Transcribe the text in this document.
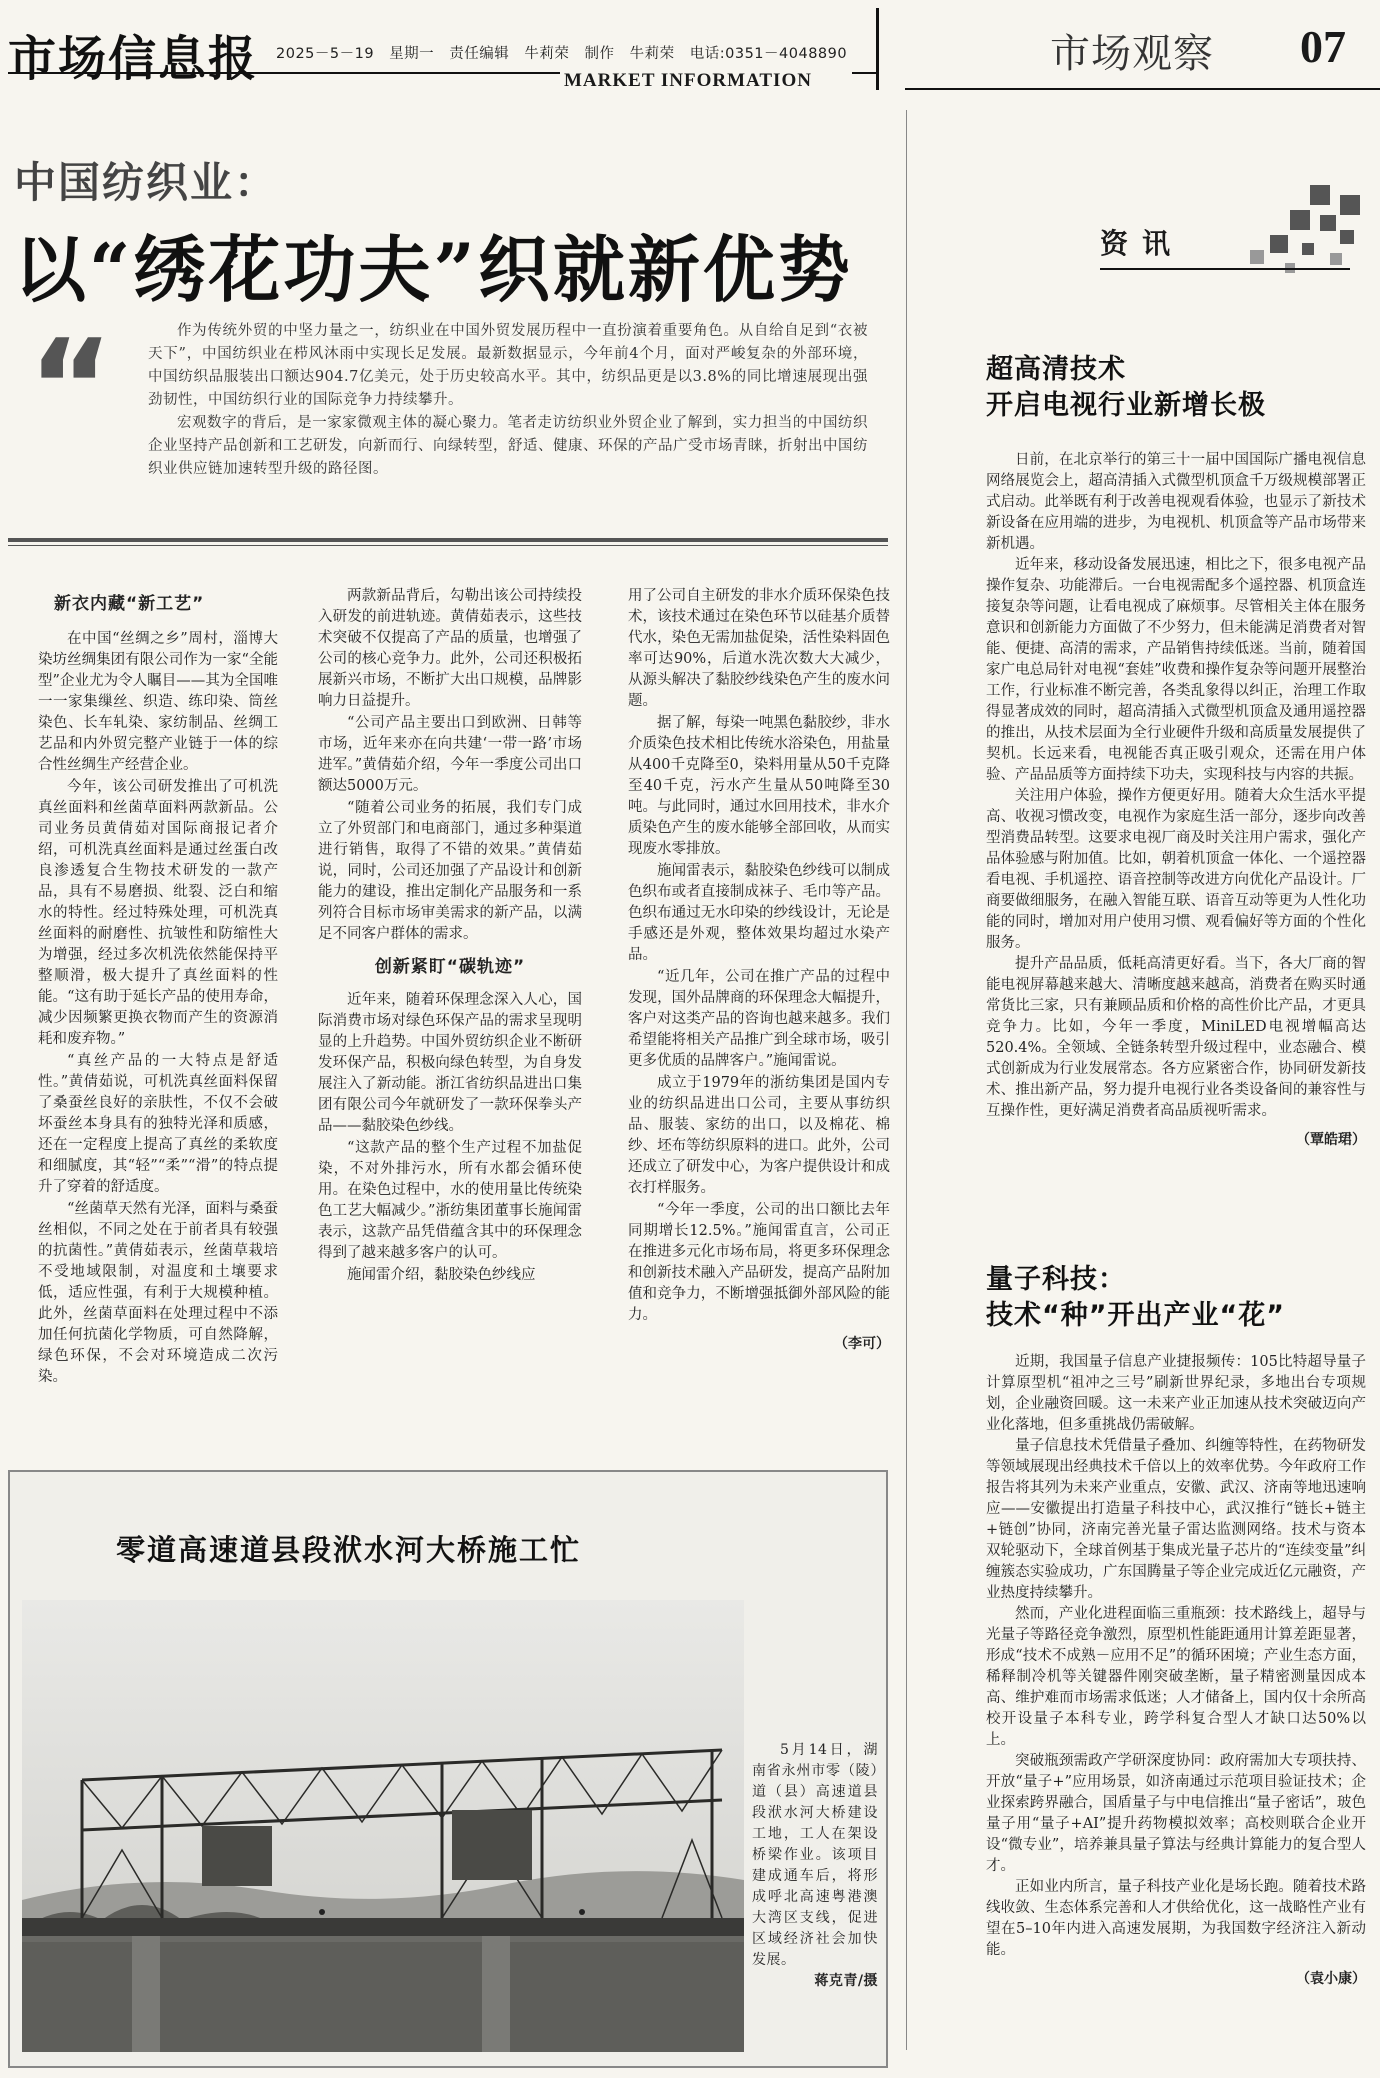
市场信息报 2025－5－19 星期一 责任编辑 牛莉荣 制作 牛莉荣 电话:0351－4048890
MARKET INFORMATION
市场观察 07
中国纺织业：
以“绣花功夫”织就新优势
“	作为传统外贸的中坚力量之一，纺织业在中国外贸发展历程中一直扮演着重要角色。从自给自足到“衣被天下”，中国纺织业在栉风沐雨中实现长足发展。最新数据显示，今年前4个月，面对严峻复杂的外部环境，中国纺织品服装出口额达904.7亿美元，处于历史较高水平。其中，纺织品更是以3.8%的同比增速展现出强劲韧性，中国纺织行业的国际竞争力持续攀升。

宏观数字的背后，是一家家微观主体的凝心聚力。笔者走访纺织业外贸企业了解到，实力担当的中国纺织企业坚持产品创新和工艺研发，向新而行、向绿转型，舒适、健康、环保的产品广受市场青睐，折射出中国纺织业供应链加速转型升级的路径图。

新衣内藏“新工艺”

在中国“丝绸之乡”周村，淄博大染坊丝绸集团有限公司作为一家“全能型”企业尤为令人瞩目——其为全国唯一一家集缫丝、织造、练印染、筒丝染色、长车轧染、家纺制品、丝绸工艺品和内外贸完整产业链于一体的综合性丝绸生产经营企业。

今年，该公司研发推出了可机洗真丝面料和丝菌草面料两款新品。公司业务员黄倩茹对国际商报记者介绍，可机洗真丝面料是通过丝蛋白改良渗透复合生物技术研发的一款产品，具有不易磨损、纰裂、泛白和缩水的特性。经过特殊处理，可机洗真丝面料的耐磨性、抗皱性和防缩性大为增强，经过多次机洗依然能保持平整顺滑，极大提升了真丝面料的性能。“这有助于延长产品的使用寿命，减少因频繁更换衣物而产生的资源消耗和废弃物。”

“真丝产品的一大特点是舒适性。”黄倩茹说，可机洗真丝面料保留了桑蚕丝良好的亲肤性，不仅不会破坏蚕丝本身具有的独特光泽和质感，还在一定程度上提高了真丝的柔软度和细腻度，其“轻”“柔”“滑”的特点提升了穿着的舒适度。

“丝菌草天然有光泽，面料与桑蚕丝相似，不同之处在于前者具有较强的抗菌性。”黄倩茹表示，丝菌草栽培不受地域限制，对温度和土壤要求低，适应性强，有利于大规模种植。此外，丝菌草面料在处理过程中不添加任何抗菌化学物质，可自然降解，绿色环保，不会对环境造成二次污染。

两款新品背后，勾勒出该公司持续投入研发的前进轨迹。黄倩茹表示，这些技术突破不仅提高了产品的质量，也增强了公司的核心竞争力。此外，公司还积极拓展新兴市场，不断扩大出口规模，品牌影响力日益提升。

“公司产品主要出口到欧洲、日韩等市场，近年来亦在向共建‘一带一路’市场进军。”黄倩茹介绍，今年一季度公司出口额达5000万元。

“随着公司业务的拓展，我们专门成立了外贸部门和电商部门，通过多种渠道进行销售，取得了不错的效果。”黄倩茹说，同时，公司还加强了产品设计和创新能力的建设，推出定制化产品服务和一系列符合目标市场审美需求的新产品，以满足不同客户群体的需求。

创新紧盯“碳轨迹”

近年来，随着环保理念深入人心，国际消费市场对绿色环保产品的需求呈现明显的上升趋势。中国外贸纺织企业不断研发环保产品，积极向绿色转型，为自身发展注入了新动能。浙江省纺织品进出口集团有限公司今年就研发了一款环保拳头产品——黏胶染色纱线。

“这款产品的整个生产过程不加盐促染，不对外排污水，所有水都会循环使用。在染色过程中，水的使用量比传统染色工艺大幅减少。”浙纺集团董事长施闻雷表示，这款产品凭借蕴含其中的环保理念得到了越来越多客户的认可。

施闻雷介绍，黏胶染色纱线应

用了公司自主研发的非水介质环保染色技术，该技术通过在染色环节以硅基介质替代水，染色无需加盐促染，活性染料固色率可达90%，后道水洗次数大大减少，从源头解决了黏胶纱线染色产生的废水问题。

据了解，每染一吨黑色黏胶纱，非水介质染色技术相比传统水浴染色，用盐量从400千克降至0，染料用量从50千克降至40千克，污水产生量从50吨降至30吨。与此同时，通过水回用技术，非水介质染色产生的废水能够全部回收，从而实现废水零排放。

施闻雷表示，黏胶染色纱线可以制成色织布或者直接制成袜子、毛巾等产品。色织布通过无水印染的纱线设计，无论是手感还是外观，整体效果均超过水染产品。

“近几年，公司在推广产品的过程中发现，国外品牌商的环保理念大幅提升，客户对这类产品的咨询也越来越多。我们希望能将相关产品推广到全球市场，吸引更多优质的品牌客户。”施闻雷说。

成立于1979年的浙纺集团是国内专业的纺织品进出口公司，主要从事纺织品、服装、家纺的出口，以及棉花、棉纱、坯布等纺织原料的进口。此外，公司还成立了研发中心，为客户提供设计和成衣打样服务。

“今年一季度，公司的出口额比去年同期增长12.5%。”施闻雷直言，公司正在推进多元化市场布局，将更多环保理念和创新技术融入产品研发，提高产品附加值和竞争力，不断增强抵御外部风险的能力。

（李可）
零道高速道县段洑水河大桥施工忙

5月14日，湖南省永州市零（陵）道（县）高速道县段洑水河大桥建设工地，工人在架设桥梁作业。该项目建成通车后，将形成呼北高速粤港澳大湾区支线，促进区域经济社会加快发展。

蒋克青/摄
资讯
超高清技术
开启电视行业新增长极

日前，在北京举行的第三十一届中国国际广播电视信息网络展览会上，超高清插入式微型机顶盒千万级规模部署正式启动。此举既有利于改善电视观看体验，也显示了新技术新设备在应用端的进步，为电视机、机顶盒等产品市场带来新机遇。

近年来，移动设备发展迅速，相比之下，很多电视产品操作复杂、功能滞后。一台电视需配多个遥控器、机顶盒连接复杂等问题，让看电视成了麻烦事。尽管相关主体在服务意识和创新能力方面做了不少努力，但未能满足消费者对智能、便捷、高清的需求，产品销售持续低迷。当前，随着国家广电总局针对电视“套娃”收费和操作复杂等问题开展整治工作，行业标准不断完善，各类乱象得以纠正，治理工作取得显著成效的同时，超高清插入式微型机顶盒及通用遥控器的推出，从技术层面为全行业硬件升级和高质量发展提供了契机。长远来看，电视能否真正吸引观众，还需在用户体验、产品品质等方面持续下功夫，实现科技与内容的共振。

关注用户体验，操作方便更好用。随着大众生活水平提高、收视习惯改变，电视作为家庭生活一部分，逐步向改善型消费品转型。这要求电视厂商及时关注用户需求，强化产品体验感与附加值。比如，朝着机顶盒一体化、一个遥控器看电视、手机遥控、语音控制等改进方向优化产品设计。厂商要做细服务，在融入智能互联、语音互动等更为人性化功能的同时，增加对用户使用习惯、观看偏好等方面的个性化服务。

提升产品品质，低耗高清更好看。当下，各大厂商的智能电视屏幕越来越大、清晰度越来越高，消费者在购买时通常货比三家，只有兼顾品质和价格的高性价比产品，才更具竞争力。比如，今年一季度，MiniLED电视增幅高达520.4%。全领域、全链条转型升级过程中，业态融合、模式创新成为行业发展常态。各方应紧密合作，协同研发新技术、推出新产品，努力提升电视行业各类设备间的兼容性与互操作性，更好满足消费者高品质视听需求。

（覃皓珺）
量子科技：
技术“种”开出产业“花”

近期，我国量子信息产业捷报频传：105比特超导量子计算原型机“祖冲之三号”刷新世界纪录，多地出台专项规划，企业融资回暖。这一未来产业正加速从技术突破迈向产业化落地，但多重挑战仍需破解。

量子信息技术凭借量子叠加、纠缠等特性，在药物研发等领域展现出经典技术千倍以上的效率优势。今年政府工作报告将其列为未来产业重点，安徽、武汉、济南等地迅速响应——安徽提出打造量子科技中心，武汉推行“链长+链主+链创”协同，济南完善光量子雷达监测网络。技术与资本双轮驱动下，全球首例基于集成光量子芯片的“连续变量”纠缠簇态实验成功，广东国腾量子等企业完成近亿元融资，产业热度持续攀升。

然而，产业化进程面临三重瓶颈：技术路线上，超导与光量子等路径竞争激烈，原型机性能距通用计算差距显著，形成“技术不成熟－应用不足”的循环困境；产业生态方面，稀释制冷机等关键器件刚突破垄断，量子精密测量因成本高、维护难而市场需求低迷；人才储备上，国内仅十余所高校开设量子本科专业，跨学科复合型人才缺口达50%以上。

突破瓶颈需政产学研深度协同：政府需加大专项扶持、开放“量子+”应用场景，如济南通过示范项目验证技术；企业探索跨界融合，国盾量子与中电信推出“量子密话”，玻色量子用“量子+AI”提升药物模拟效率；高校则联合企业开设“微专业”，培养兼具量子算法与经典计算能力的复合型人才。

正如业内所言，量子科技产业化是场长跑。随着技术路线收敛、生态体系完善和人才供给优化，这一战略性产业有望在5–10年内进入高速发展期，为我国数字经济注入新动能。

（袁小康）
